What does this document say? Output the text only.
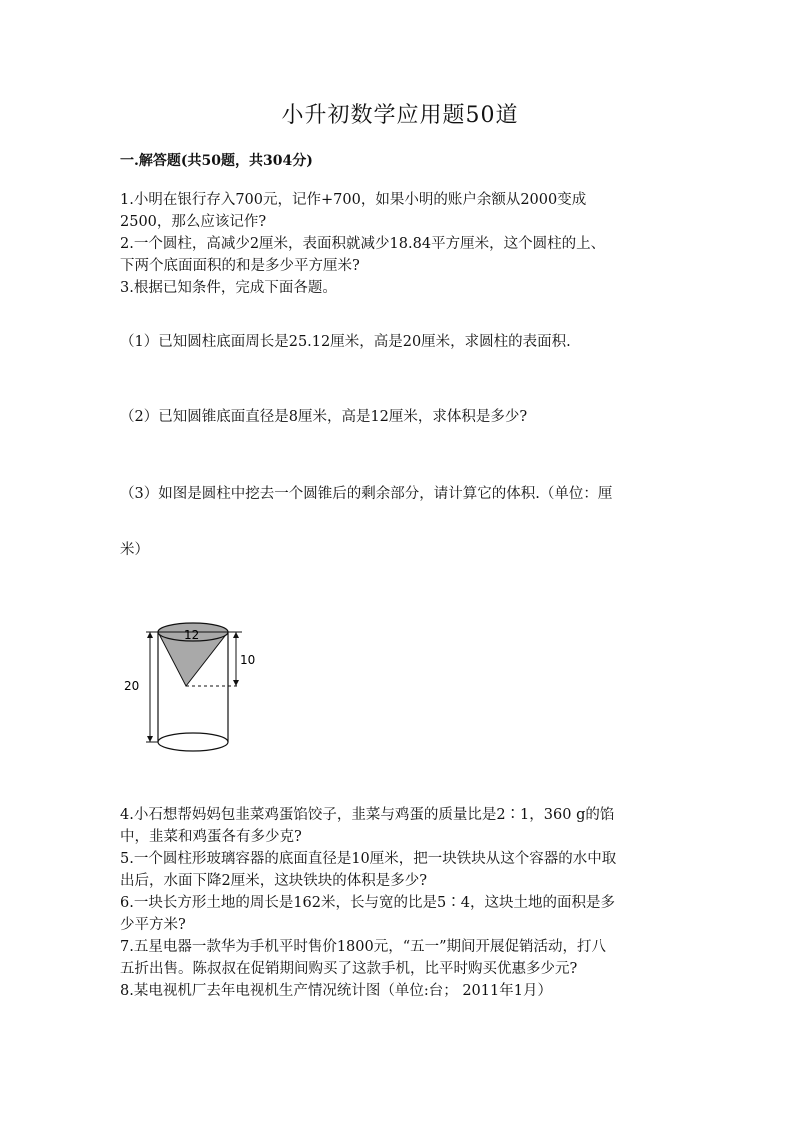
小升初数学应用题50道
一.解答题(共50题，共304分)
1.小明在银行存入700元，记作+700，如果小明的账户余额从2000变成
2500，那么应该记作?
2.一个圆柱，高减少2厘米，表面积就减少18.84平方厘米，这个圆柱的上、
下两个底面面积的和是多少平方厘米?
3.根据已知条件，完成下面各题。
（1）已知圆柱底面周长是25.12厘米，高是20厘米，求圆柱的表面积.
（2）已知圆锥底面直径是8厘米，高是12厘米，求体积是多少?
（3）如图是圆柱中挖去一个圆锥后的剩余部分，请计算它的体积.（单位：厘
米）
12
10
20
4.小石想帮妈妈包韭菜鸡蛋馅饺子，韭菜与鸡蛋的质量比是2∶1，360 g的馅
中，韭菜和鸡蛋各有多少克?
5.一个圆柱形玻璃容器的底面直径是10厘米，把一块铁块从这个容器的水中取
出后，水面下降2厘米，这块铁块的体积是多少?
6.一块长方形土地的周长是162米，长与宽的比是5∶4，这块土地的面积是多
少平方米?
7.五星电器一款华为手机平时售价1800元，“五一”期间开展促销活动，打八
五折出售。陈叔叔在促销期间购买了这款手机，比平时购买优惠多少元?
8.某电视机厂去年电视机生产情况统计图（单位:台； 2011年1月）
